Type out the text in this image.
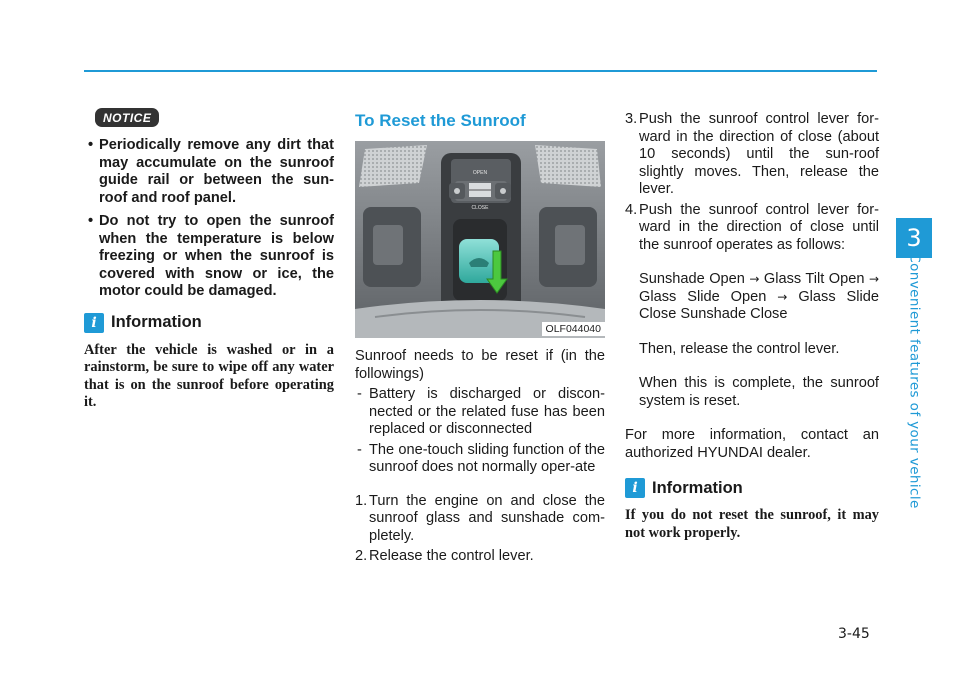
NOTICE
• Periodically remove any dirt that may accumulate on the sunroof guide rail or between the sun-roof and roof panel.
• Do not try to open the sunroof when the temperature is below freezing or when the sunroof is covered with snow or ice, the motor could be damaged.
i Information
After the vehicle is washed or in a rainstorm, be sure to wipe off any water that is on the sunroof before operating it.
To Reset the Sunroof
OPEN
CLOSE
OLF044040

Sunroof needs to be reset if (in the followings)

- Battery is discharged or discon-nected or the related fuse has been replaced or disconnected
- The one-touch sliding function of the sunroof does not normally oper-ate
1. Turn the engine on and close the sunroof glass and sunshade com-pletely.
2. Release the control lever.
3. Push the sunroof control lever for-ward in the direction of close (about 10 seconds) until the sun-roof slightly moves. Then, release the lever.
4. Push the sunroof control lever for-ward in the direction of close until the sunroof operates as follows:

Sunshade Open → Glass Tilt Open → Glass Slide Open → Glass Slide Close Sunshade Close

Then, release the control lever.

When this is complete, the sunroof system is reset.

For more information, contact an authorized HYUNDAI dealer.

i Information
If you do not reset the sunroof, it may not work properly.
3
Convenient features of your vehicle
3-45
